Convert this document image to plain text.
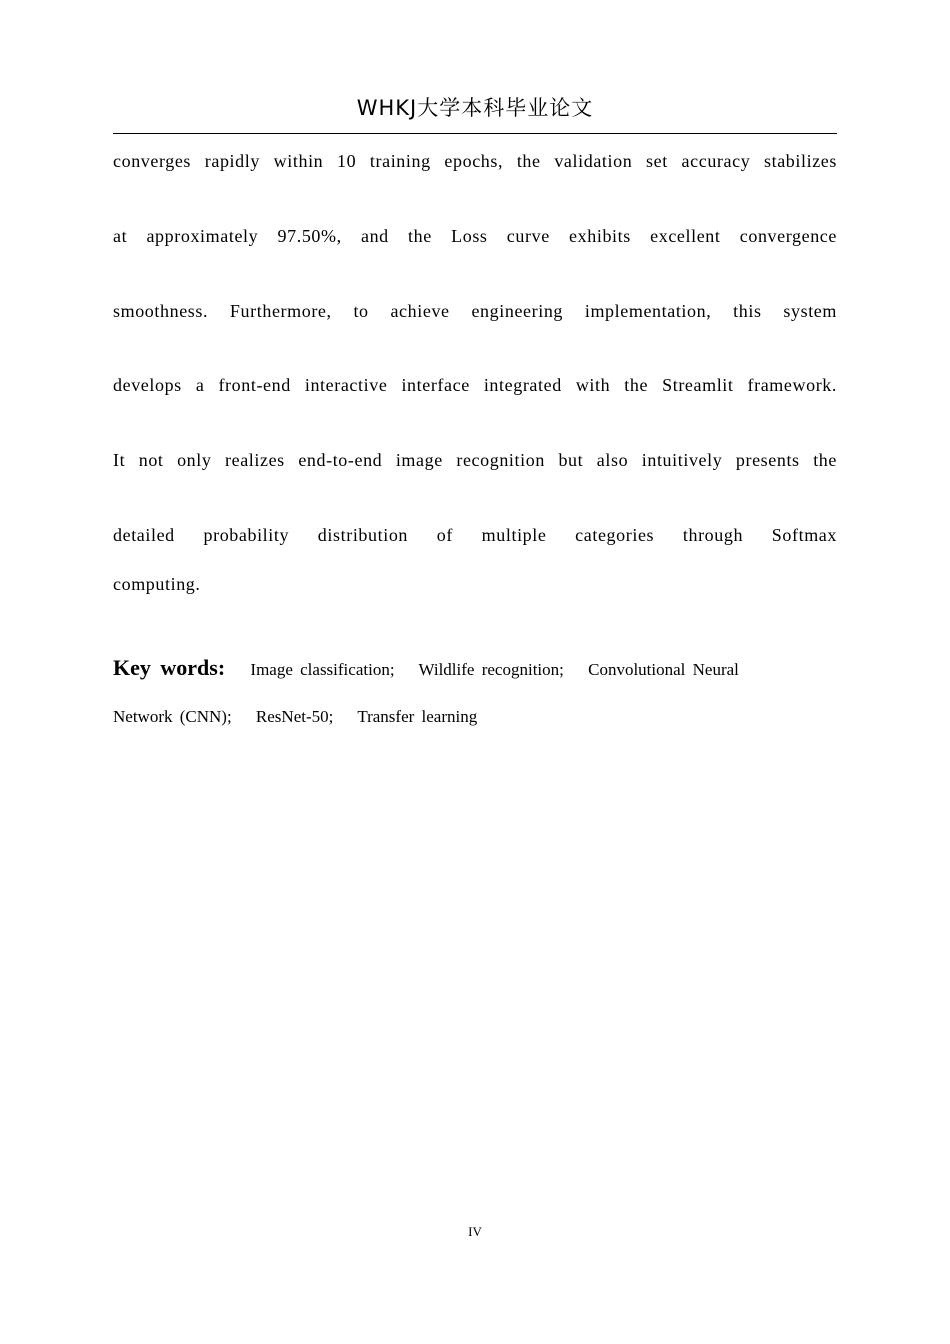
WHKJ大学本科毕业论文
converges rapidly within 10 training epochs, the validation set accuracy stabilizes
at approximately 97.50%, and the Loss curve exhibits excellent convergence
smoothness. Furthermore, to achieve engineering implementation, this system
develops a front-end interactive interface integrated with the Streamlit framework.
It not only realizes end-to-end image recognition but also intuitively presents the
detailed probability distribution of multiple categories through Softmax
computing.
Key words: Image classification; Wildlife recognition; Convolutional Neural
Network (CNN); ResNet-50; Transfer learning
IV
